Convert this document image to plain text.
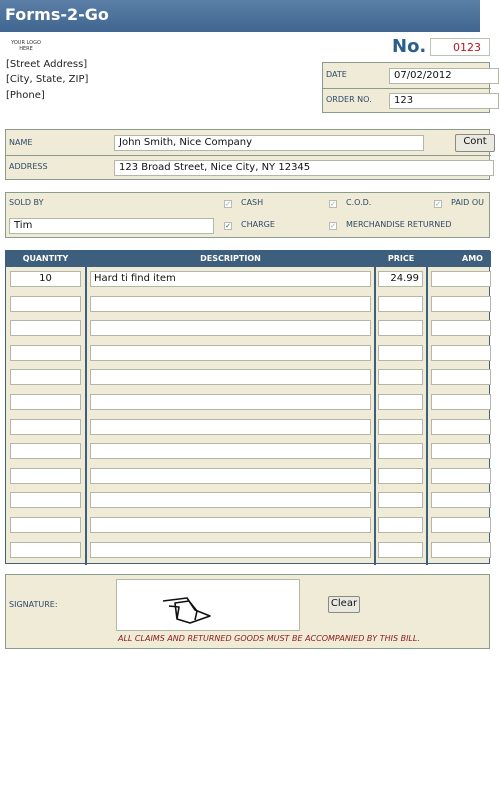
Forms-2-Go
YOUR LOGO HERE
[Street Address]
[City, State, ZIP]
[Phone]
No.	0123
DATE	07/02/2012
ORDER NO.	123
NAME	John Smith, Nice Company	Cont
ADDRESS	123 Broad Street, Nice City, NY 12345
SOLD BY
Tim
✓ CASH	✓ C.O.D.	✓ PAID OU
✓ CHARGE	✓ MERCHANDISE RETURNED
QUANTITY	DESCRIPTION	PRICE	AMO
10	Hard ti find item	24.99
SIGNATURE:	Clear
ALL CLAIMS AND RETURNED GOODS MUST BE ACCOMPANIED BY THIS BILL.
